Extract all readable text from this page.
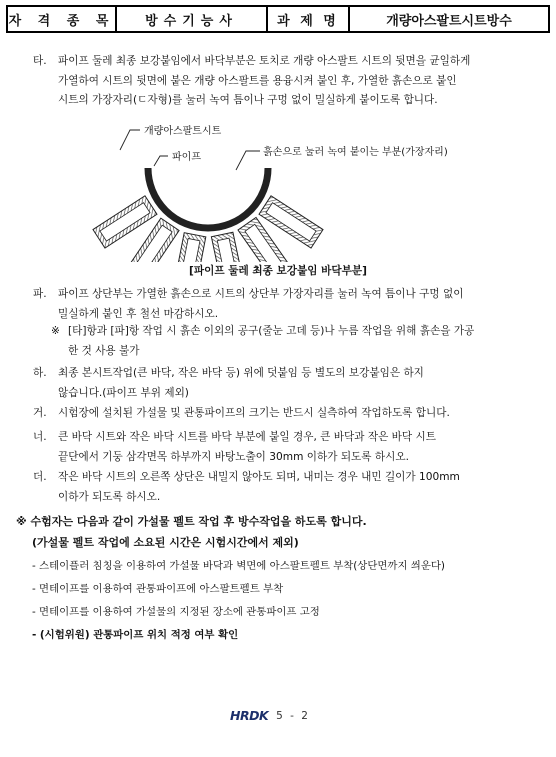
자 격 종 목	방수기능사	과 제 명	개량아스팔트시트방수
타. 파이프 둘레 최종 보강붙임에서 바닥부분은 토치로 개량 아스팔트 시트의 뒷면을 균일하게
가열하여 시트의 뒷면에 붙은 개량 아스팔트를 용융시켜 붙인 후, 가열한 흙손으로 붙인
시트의 가장자리(ㄷ자형)를 눌러 녹여 틈이나 구멍 없이 밀실하게 붙이도록 합니다.
개량아스팔트시트
파이프	흙손으로 눌러 녹여 붙이는 부분(가장자리)
[파이프 둘레 최종 보강붙임 바닥부분]
파. 파이프 상단부는 가열한 흙손으로 시트의 상단부 가장자리를 눌러 녹여 틈이나 구멍 없이
밀실하게 붙인 후 철선 마감하시오.
※ [타]항과 [파]항 작업 시 흙손 이외의 공구(줄눈 고데 등)나 누름 작업을 위해 흙손을 가공
한 것 사용 불가
하. 최종 본시트작업(큰 바닥, 작은 바닥 등) 위에 덧붙임 등 별도의 보강붙임은 하지
않습니다.(파이프 부위 제외)
거. 시험장에 설치된 가설물 및 관통파이프의 크기는 반드시 실측하여 작업하도록 합니다.
너. 큰 바닥 시트와 작은 바닥 시트를 바닥 부분에 붙일 경우, 큰 바닥과 작은 바닥 시트
끝단에서 기둥 삼각면목 하부까지 바탕노출이 30mm 이하가 되도록 하시오.
더. 작은 바닥 시트의 오른쪽 상단은 내밀지 않아도 되며, 내미는 경우 내민 길이가 100mm
이하가 되도록 하시오.
※ 수험자는 다음과 같이 가설물 펠트 작업 후 방수작업을 하도록 합니다.
(가설물 펠트 작업에 소요된 시간은 시험시간에서 제외)
- 스테이플러 침칭을 이용하여 가설물 바닥과 벽면에 아스팔트펠트 부착(상단면까지 씌운다)
- 면테이프를 이용하여 관통파이프에 아스팔트펠트 부착
- 면테이프를 이용하여 가설물의 지정된 장소에 관통파이프 고정
- (시험위원) 관통파이프 위치 적정 여부 확인
HRDK 5 - 2
